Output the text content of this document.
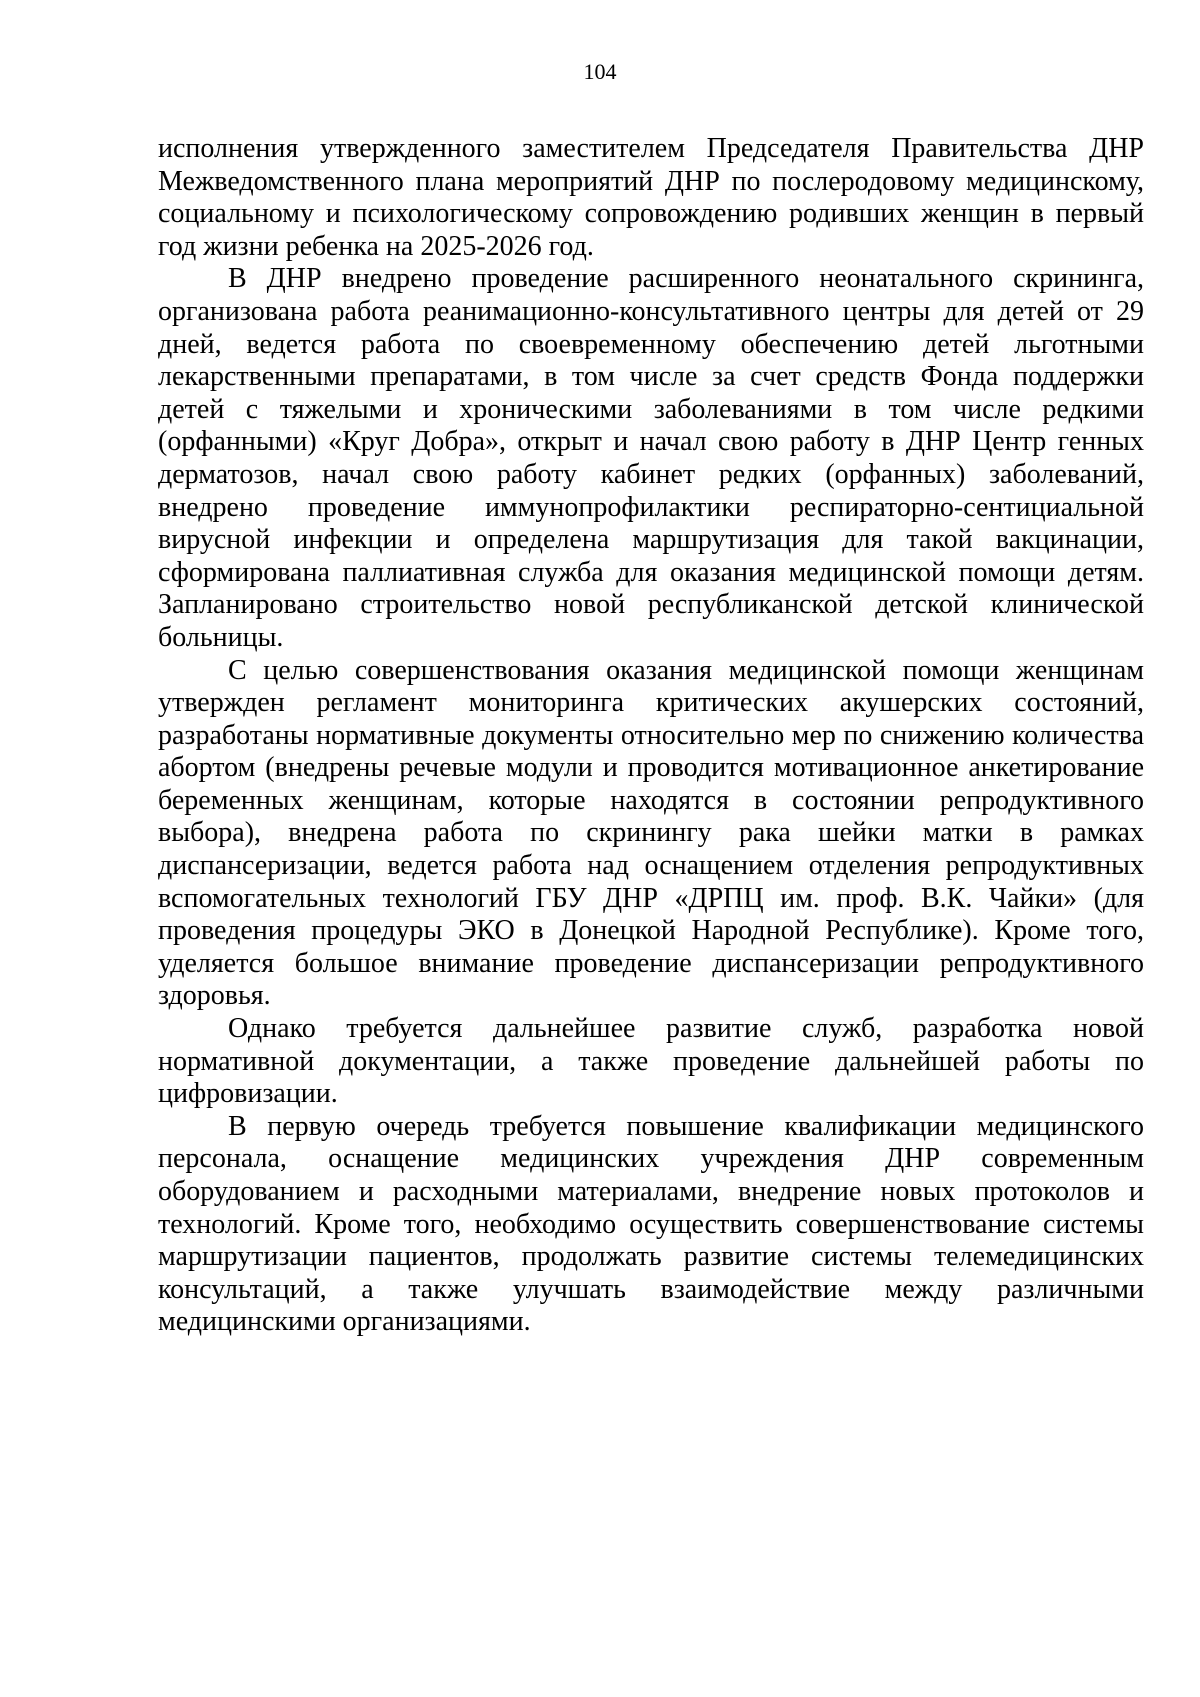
104

исполнения утвержденного заместителем Председателя Правительства ДНР Межведомственного плана мероприятий ДНР по послеродовому медицинскому, социальному и психологическому сопровождению родивших женщин в первый год жизни ребенка на 2025-2026 год.

В ДНР внедрено проведение расширенного неонатального скрининга, организована работа реанимационно-консультативного центры для детей от 29 дней, ведется работа по своевременному обеспечению детей льготными лекарственными препаратами, в том числе за счет средств Фонда поддержки детей с тяжелыми и хроническими заболеваниями в том числе редкими (орфанными) «Круг Добра», открыт и начал свою работу в ДНР Центр генных дерматозов, начал свою работу кабинет редких (орфанных) заболеваний, внедрено проведение иммунопрофилактики респираторно-сентициальной вирусной инфекции и определена маршрутизация для такой вакцинации, сформирована паллиативная служба для оказания медицинской помощи детям. Запланировано строительство новой республиканской детской клинической больницы.

С целью совершенствования оказания медицинской помощи женщинам утвержден регламент мониторинга критических акушерских состояний, разработаны нормативные документы относительно мер по снижению количества абортом (внедрены речевые модули и проводится мотивационное анкетирование беременных женщинам, которые находятся в состоянии репродуктивного выбора), внедрена работа по скринингу рака шейки матки в рамках диспансеризации, ведется работа над оснащением отделения репродуктивных вспомогательных технологий ГБУ ДНР «ДРПЦ им. проф. В.К. Чайки» (для проведения процедуры ЭКО в Донецкой Народной Республике). Кроме того, уделяется большое внимание проведение диспансеризации репродуктивного здоровья.

Однако требуется дальнейшее развитие служб, разработка новой нормативной документации, а также проведение дальнейшей работы по цифровизации.

В первую очередь требуется повышение квалификации медицинского персонала, оснащение медицинских учреждения ДНР современным оборудованием и расходными материалами, внедрение новых протоколов и технологий. Кроме того, необходимо осуществить совершенствование системы маршрутизации пациентов, продолжать развитие системы телемедицинских консультаций, а также улучшать взаимодействие между различными медицинскими организациями.
